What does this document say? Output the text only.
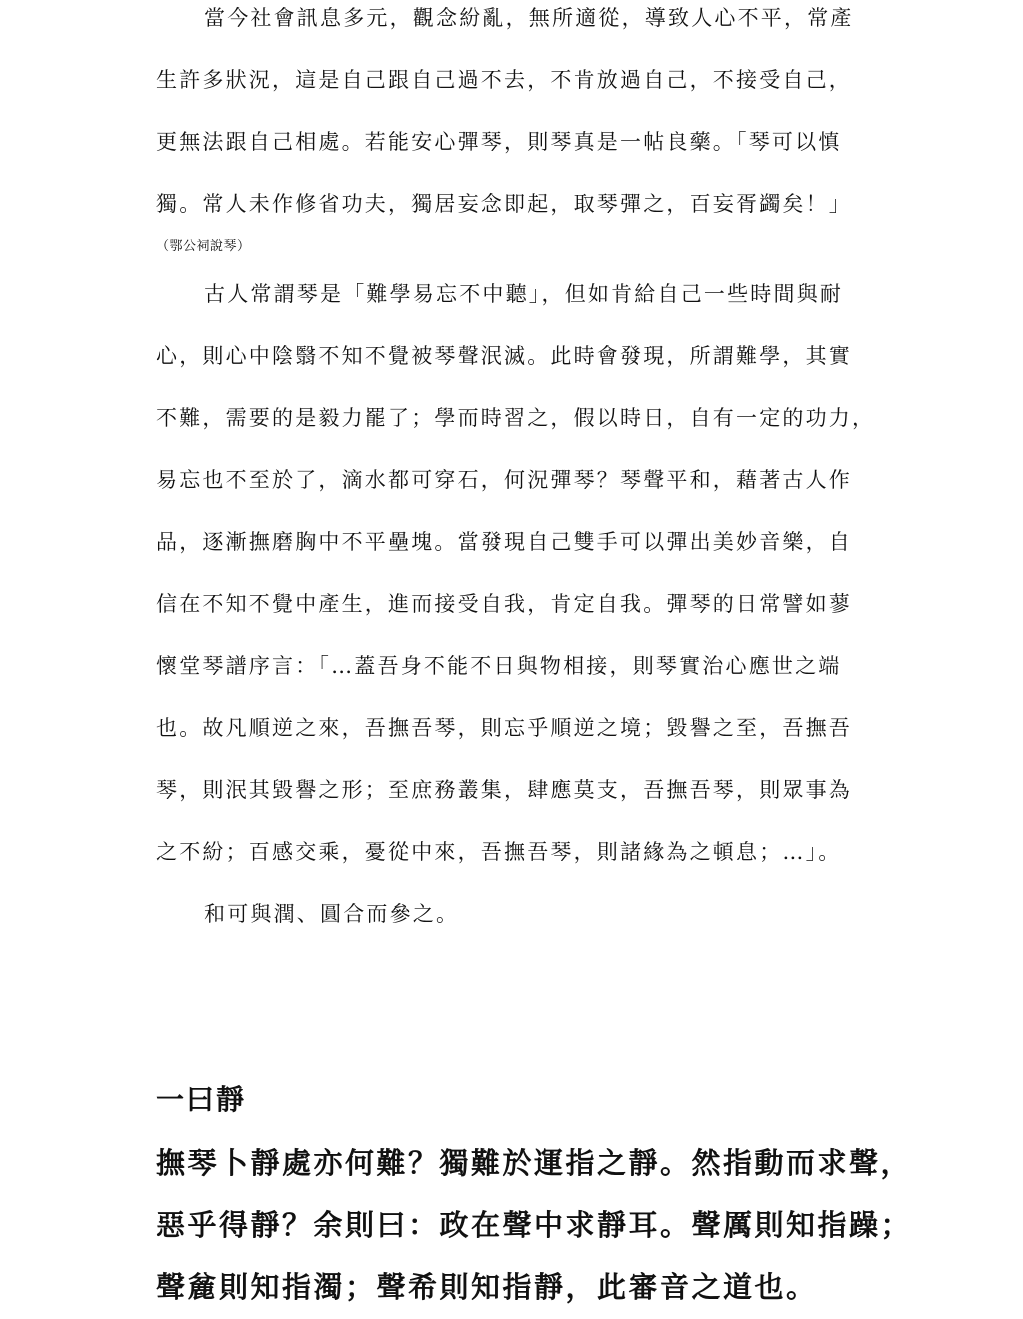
當今社會訊息多元，觀念紛亂，無所適從，導致人心不平，常產

生許多狀況，這是自己跟自己過不去，不肯放過自己，不接受自己，

更無法跟自己相處。若能安心彈琴，則琴真是一帖良藥。「琴可以慎

獨。常人未作修省功夫，獨居妄念即起，取琴彈之，百妄胥蠲矣！」

（鄂公祠說琴）

古人常謂琴是「難學易忘不中聽」，但如肯給自己一些時間與耐

心，則心中陰翳不知不覺被琴聲泯滅。此時會發現，所謂難學，其實

不難，需要的是毅力罷了；學而時習之，假以時日，自有一定的功力，

易忘也不至於了，滴水都可穿石，何況彈琴？琴聲平和，藉著古人作

品，逐漸撫磨胸中不平壘塊。當發現自己雙手可以彈出美妙音樂，自

信在不知不覺中產生，進而接受自我，肯定自我。彈琴的日常譬如蓼

懷堂琴譜序言：「…蓋吾身不能不日與物相接，則琴實治心應世之端

也。故凡順逆之來，吾撫吾琴，則忘乎順逆之境；毀譽之至，吾撫吾

琴，則泯其毀譽之形；至庶務叢集，肆應莫支，吾撫吾琴，則眾事為

之不紛；百感交乘，憂從中來，吾撫吾琴，則諸緣為之頓息；…」。

和可與潤、圓合而參之。

一曰靜

撫琴卜靜處亦何難？獨難於運指之靜。然指動而求聲，

惡乎得靜？余則曰：政在聲中求靜耳。聲厲則知指躁；

聲麄則知指濁；聲希則知指靜，此審音之道也。
